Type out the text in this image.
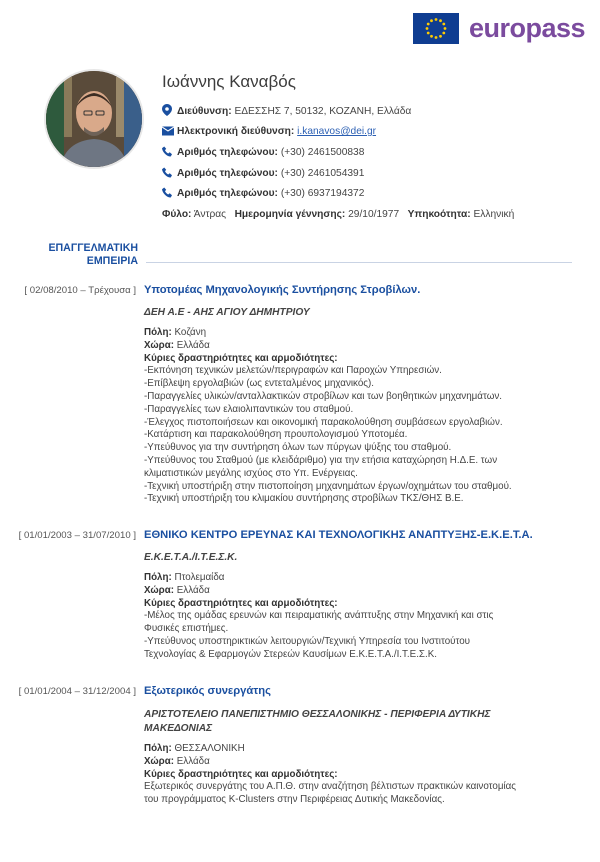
europass
Ιωάννης Καναβός
Διεύθυνση: ΕΔΕΣΣΗΣ 7, 50132, ΚΟΖΑΝΗ, Ελλάδα
Ηλεκτρονική διεύθυνση: i.kanavos@dei.gr
Αριθμός τηλεφώνου: (+30) 2461500838
Αριθμός τηλεφώνου: (+30) 2461054391
Αριθμός τηλεφώνου: (+30) 6937194372
Φύλο: Άντρας Ημερομηνία γέννησης: 29/10/1977 Υπηκοότητα: Ελληνική
ΕΠΑΓΓΕΛΜΑΤΙΚΗ ΕΜΠΕΙΡΙΑ
[ 02/08/2010 – Τρέχουσα ] Υποτομέας Μηχανολογικής Συντήρησης Στροβίλων.
ΔΕΗ Α.Ε - ΑΗΣ ΑΓΙΟΥ ΔΗΜΗΤΡΙΟΥ
Πόλη: Κοζάνη
Χώρα: Ελλάδα
Κύριες δραστηριότητες και αρμοδιότητες:
-Εκπόνηση τεχνικών μελετών/περιγραφών και Παροχών Υπηρεσιών.
-Επίβλεψη εργολαβιών (ως εντεταλμένος μηχανικός).
-Παραγγελίες υλικών/ανταλλακτικών στροβίλων και των βοηθητικών μηχανημάτων.
-Παραγγελίες των ελαιολιπαντικών του σταθμού.
-Έλεγχος πιστοποιήσεων και οικονομική παρακολούθηση συμβάσεων εργολαβιών.
-Κατάρτιση και παρακολούθηση προυπολογισμού Υποτομέα.
-Υπεύθυνος για την συντήρηση όλων των πύργων ψύξης του σταθμού.
-Υπεύθυνος του Σταθμού (με κλειδάριθμο) για την ετήσια καταχώρηση Η.Δ.Ε. των
κλιματιστικών μεγάλης ισχύος στο Υπ. Ενέργειας.
-Τεχνική υποστήριξη στην πιστοποίηση μηχανημάτων έργων/οχημάτων του σταθμού.
-Τεχνική υποστήριξη του κλιμακίου συντήρησης στροβίλων ΤΚΣ/ΘΗΣ Β.Ε.
[ 01/01/2003 – 31/07/2010 ] ΕΘΝΙΚΟ ΚΕΝΤΡΟ ΕΡΕΥΝΑΣ ΚΑΙ ΤΕΧΝΟΛΟΓΙΚΗΣ ΑΝΑΠΤΥΞΗΣ-Ε.Κ.Ε.Τ.Α.
Ε.Κ.Ε.Τ.Α./Ι.Τ.Ε.Σ.Κ.
Πόλη: Πτολεμαίδα
Χώρα: Ελλάδα
Κύριες δραστηριότητες και αρμοδιότητες:
-Μέλος της ομάδας ερευνών και πειραματικής ανάπτυξης στην Μηχανική και στις
Φυσικές επιστήμες.
-Υπεύθυνος υποστηρικτικών λειτουργιών/Τεχνική Υπηρεσία του Ινστιτούτου
Τεχνολογίας & Εφαρμογών Στερεών Καυσίμων Ε.Κ.Ε.Τ.Α./Ι.Τ.Ε.Σ.Κ.
[ 01/01/2004 – 31/12/2004 ] Εξωτερικός συνεργάτης
ΑΡΙΣΤΟΤΕΛΕΙΟ ΠΑΝΕΠΙΣΤΗΜΙΟ ΘΕΣΣΑΛΟΝΙΚΗΣ - ΠΕΡΙΦΕΡΙΑ ΔΥΤΙΚΗΣ ΜΑΚΕΔΟΝΙΑΣ
Πόλη: ΘΕΣΣΑΛΟΝΙΚΗ
Χώρα: Ελλάδα
Κύριες δραστηριότητες και αρμοδιότητες:
Εξωτερικός συνεργάτης του Α.Π.Θ. στην αναζήτηση βέλτιστων πρακτικών καινοτομίας
του προγράμματος K-Clusters στην Περιφέρειας Δυτικής Μακεδονίας.
